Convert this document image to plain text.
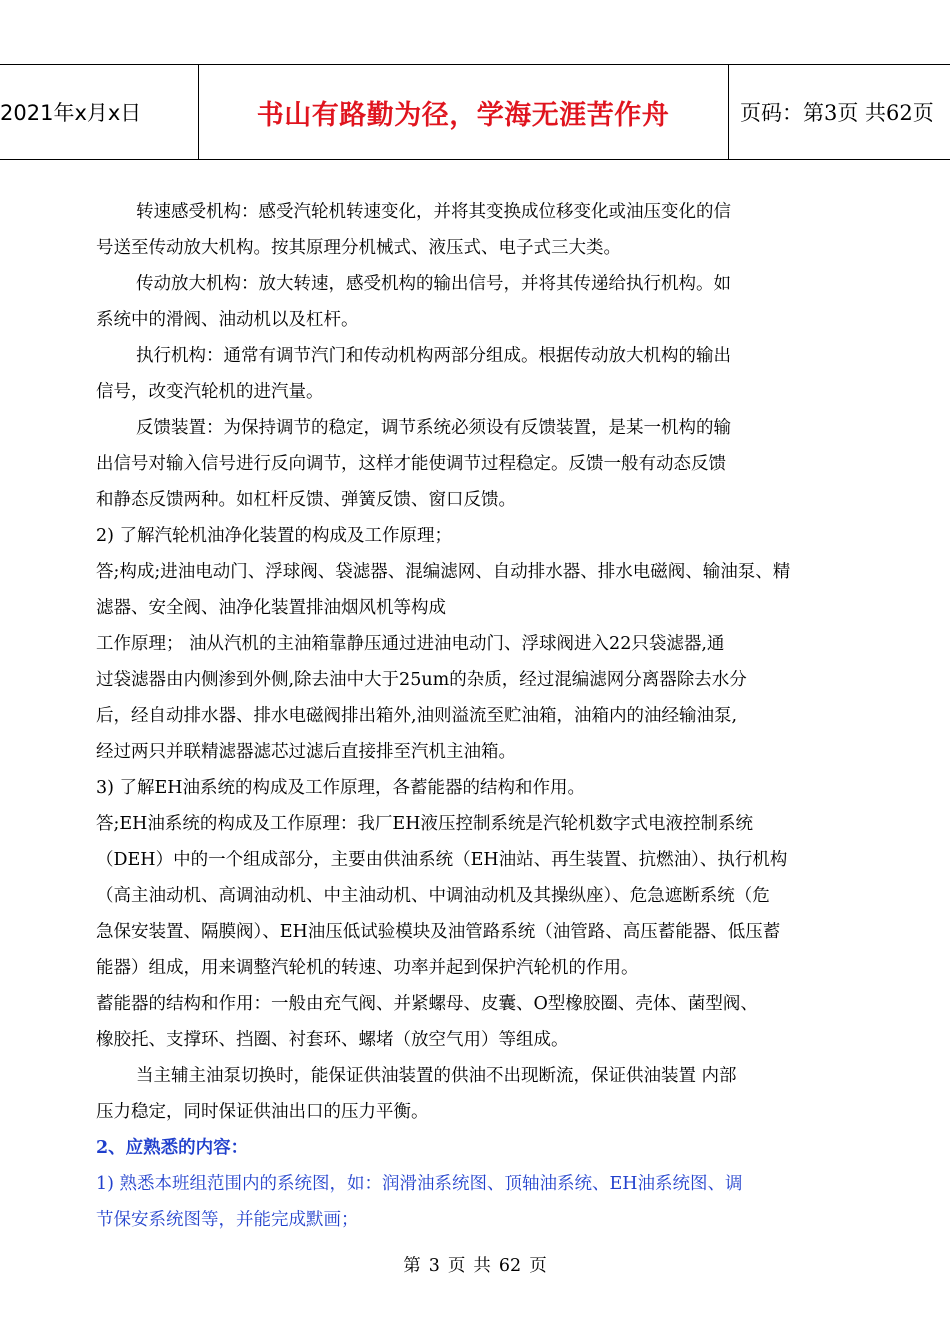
2021年x月x日	书山有路勤为径，学海无涯苦作舟	页码：第3页 共62页
转速感受机构：感受汽轮机转速变化，并将其变换成位移变化或油压变化的信
号送至传动放大机构。按其原理分机械式、液压式、电子式三大类。
传动放大机构：放大转速，感受机构的输出信号，并将其传递给执行机构。如
系统中的滑阀、油动机以及杠杆。
执行机构：通常有调节汽门和传动机构两部分组成。根据传动放大机构的输出
信号，改变汽轮机的进汽量。
反馈装置：为保持调节的稳定，调节系统必须设有反馈装置，是某一机构的输
出信号对输入信号进行反向调节，这样才能使调节过程稳定。反馈一般有动态反馈
和静态反馈两种。如杠杆反馈、弹簧反馈、窗口反馈。
2) 了解汽轮机油净化装置的构成及工作原理；
答;构成;进油电动门、浮球阀、袋滤器、混编滤网、自动排水器、排水电磁阀、输油泵、精
滤器、安全阀、油净化装置排油烟风机等构成
工作原理； 油从汽机的主油箱靠静压通过进油电动门、浮球阀进入22只袋滤器,通
过袋滤器由内侧渗到外侧,除去油中大于25um的杂质，经过混编滤网分离器除去水分
后，经自动排水器、排水电磁阀排出箱外,油则溢流至贮油箱，油箱内的油经输油泵,
经过两只并联精滤器滤芯过滤后直接排至汽机主油箱。
3) 了解EH油系统的构成及工作原理，各蓄能器的结构和作用。
答;EH油系统的构成及工作原理：我厂EH液压控制系统是汽轮机数字式电液控制系统
（DEH）中的一个组成部分，主要由供油系统（EH油站、再生装置、抗燃油）、执行机构
（高主油动机、高调油动机、中主油动机、中调油动机及其操纵座）、危急遮断系统（危
急保安装置、隔膜阀）、EH油压低试验模块及油管路系统（油管路、高压蓄能器、低压蓄
能器）组成，用来调整汽轮机的转速、功率并起到保护汽轮机的作用。
蓄能器的结构和作用：一般由充气阀、并紧螺母、皮囊、O型橡胶圈、壳体、菌型阀、
橡胶托、支撑环、挡圈、衬套环、螺堵（放空气用）等组成。
当主辅主油泵切换时，能保证供油装置的供油不出现断流，保证供油装置 内部
压力稳定，同时保证供油出口的压力平衡。
2、应熟悉的内容：
1) 熟悉本班组范围内的系统图，如：润滑油系统图、顶轴油系统、EH油系统图、调
节保安系统图等，并能完成默画；
第 3 页 共 62 页
